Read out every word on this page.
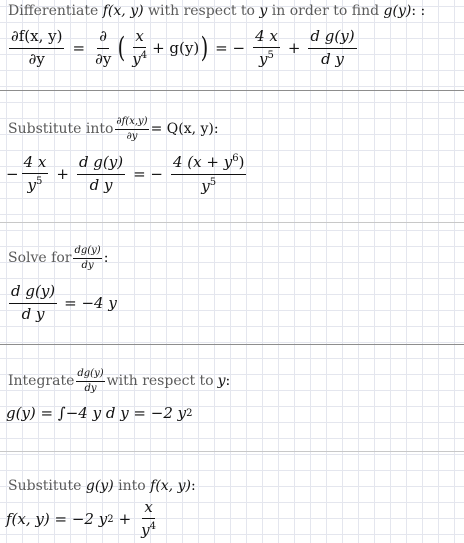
Differentiate f(x, y) with respect to y in order to find g(y): :
$\frac{\partial f(x, y)}{\partial y} = \frac{\partial}{\partial y}$ ( $\frac{x}{y^4} + g(y)$ ) = − $\frac{4 x}{y^5} + \frac{\text{d g(y)}}{\text{d y}}$
Substitute into $\frac{\partial f(x,y)}{\partial y} = Q(x$, y):
− $\frac{4 x}{y^5} + \frac{\text{d g(y)}}{\text{d y}}$ = − $\frac{4 (x + y^6)}{y^5}$
Solve for $\frac{dg(y)}{dy}$ :
$\frac{\text{d g(y)}}{\text{d y}} = -4$ y
Integrate $\frac{dg(y)}{dy}$ with respect to y :
g(y) = ∫−4 y d y = −2 y 2
Substitute g(y) into f(x, y):
f(x, y) = −2 y $2 + \frac{x}{y^4}$
